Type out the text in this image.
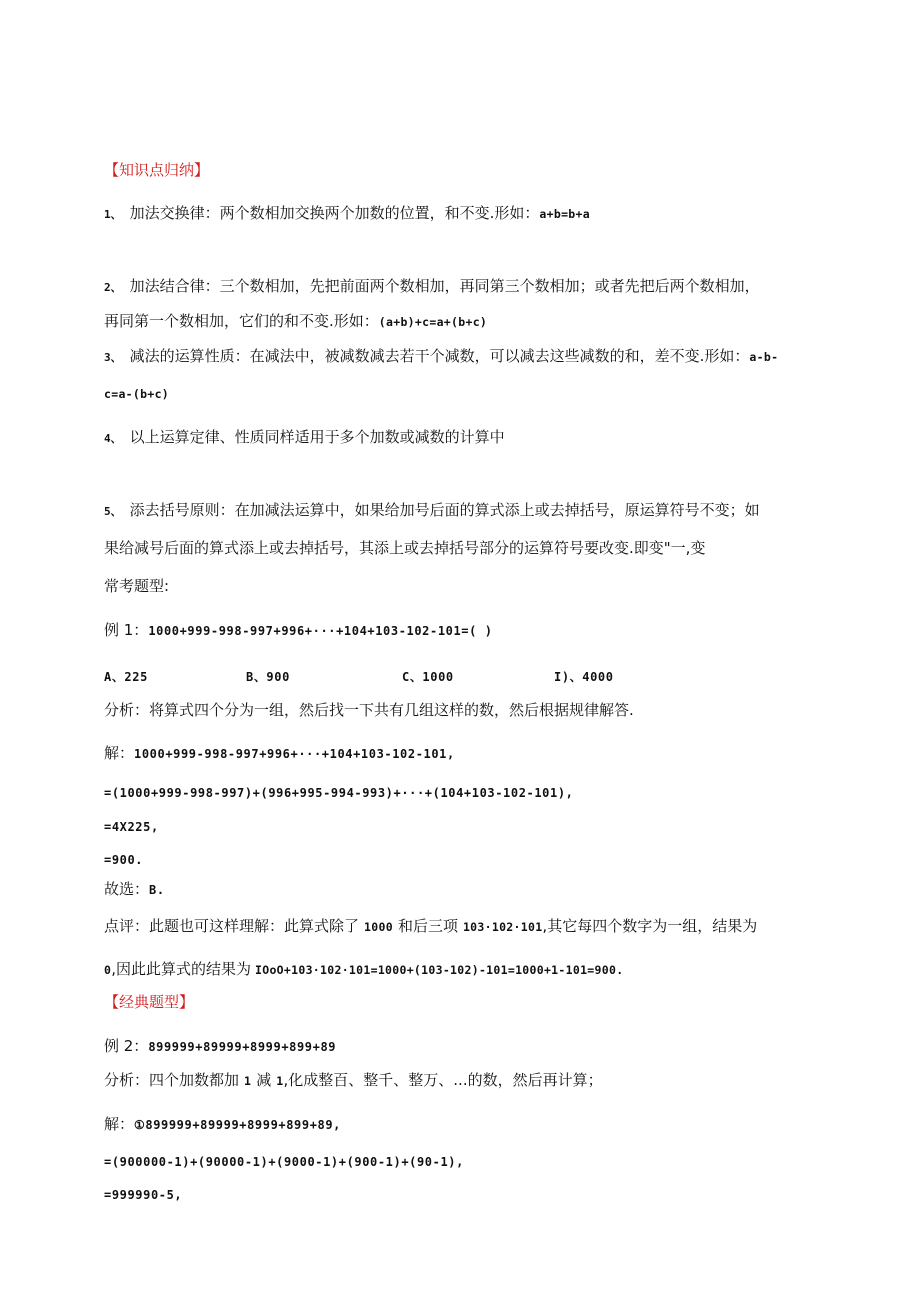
【知识点归纳】
1、 加法交换律：两个数相加交换两个加数的位置，和不变.形如：a+b=b+a
2、 加法结合律：三个数相加，先把前面两个数相加，再同第三个数相加；或者先把后两个数相加，
再同第一个数相加，它们的和不变.形如：(a+b)+c=a+(b+c)
3、 减法的运算性质：在减法中，被减数减去若干个减数，可以减去这些减数的和，差不变.形如：a-b-
c=a-(b+c)
4、 以上运算定律、性质同样适用于多个加数或减数的计算中
5、 添去括号原则：在加减法运算中，如果给加号后面的算式添上或去掉括号，原运算符号不变；如
果给减号后面的算式添上或去掉括号，其添上或去掉括号部分的运算符号要改变.即变"一,变
常考题型:
例 1：1000+999-998-997+996+···+104+103-102-101=( )
A、225	B、900	C、1000	I)、4000
分析：将算式四个分为一组，然后找一下共有几组这样的数，然后根据规律解答.
解：1000+999-998-997+996+···+104+103-102-101,
=(1000+999-998-997)+(996+995-994-993)+···+(104+103-102-101),
=4X225,
=900.
故选：B.
点评：此题也可这样理解：此算式除了 1000 和后三项 103·102·101,其它每四个数字为一组，结果为
0,因此此算式的结果为 IOoO+103·102·101=1000+(103-102)-101=1000+1-101=900.
【经典题型】
例 2：899999+89999+8999+899+89
分析：四个加数都加 1 减 1,化成整百、整千、整万、...的数，然后再计算；
解：①899999+89999+8999+899+89,
=(900000-1)+(90000-1)+(9000-1)+(900-1)+(90-1),
=999990-5,
